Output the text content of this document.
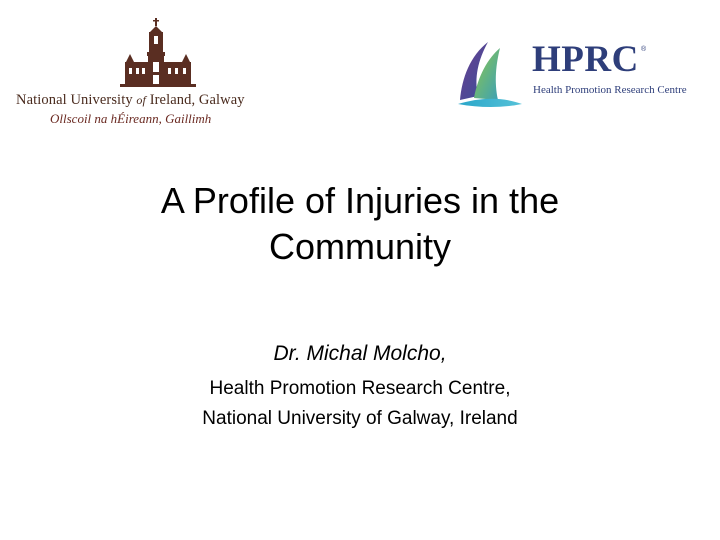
National University of Ireland, Galway
Ollscoil na hÉireann, Gaillimh
HPRC ®
Health Promotion Research Centre
A Profile of Injuries in the
Community
Dr. Michal Molcho,
Health Promotion Research Centre,
National University of Galway, Ireland
